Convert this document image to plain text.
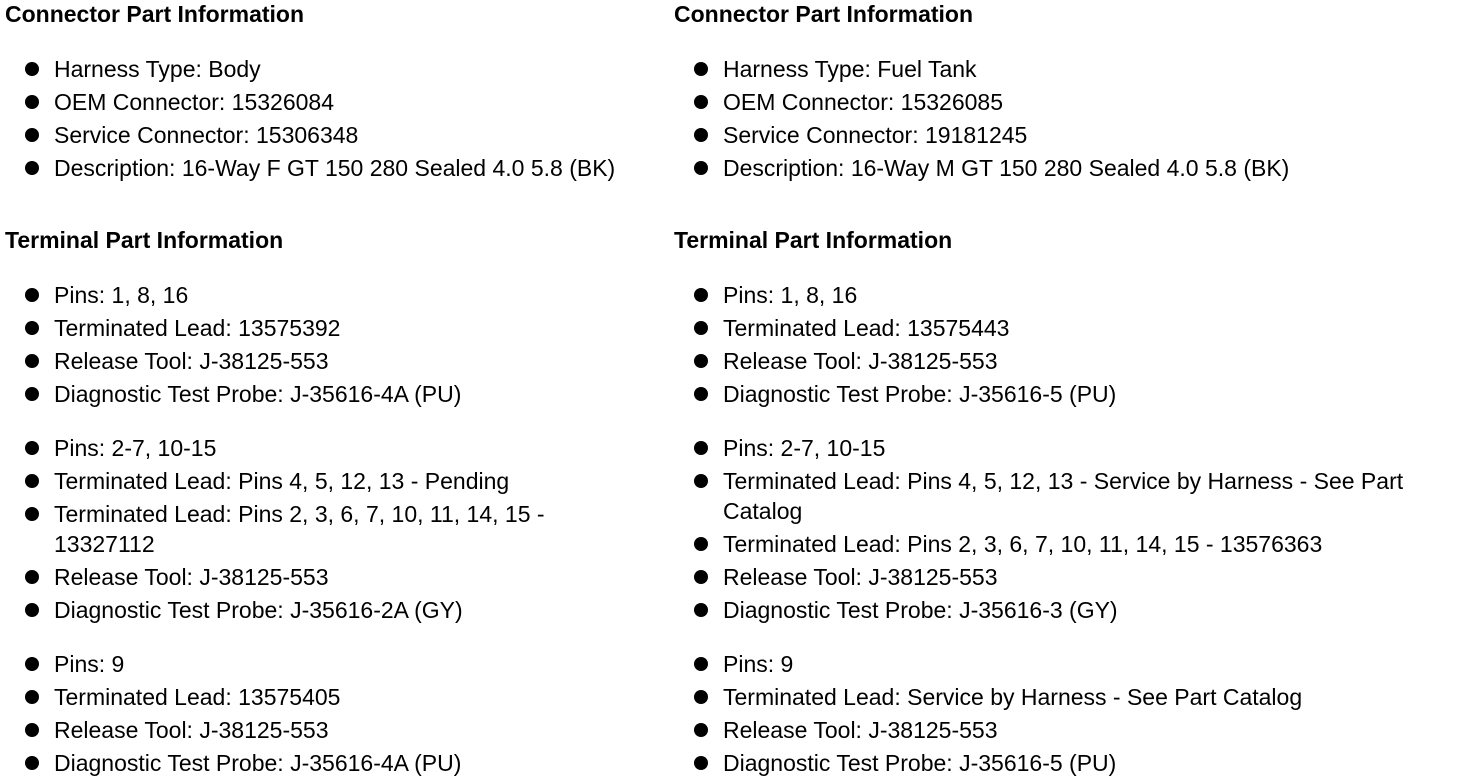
Connector Part Information
Harness Type: Body
OEM Connector: 15326084
Service Connector: 15306348
Description: 16-Way F GT 150 280 Sealed 4.0 5.8 (BK)
Terminal Part Information
Pins: 1, 8, 16
Terminated Lead: 13575392
Release Tool: J-38125-553
Diagnostic Test Probe: J-35616-4A (PU)
Pins: 2-7, 10-15
Terminated Lead: Pins 4, 5, 12, 13 - Pending
Terminated Lead: Pins 2, 3, 6, 7, 10, 11, 14, 15 - 13327112
Release Tool: J-38125-553
Diagnostic Test Probe: J-35616-2A (GY)
Pins: 9
Terminated Lead: 13575405
Release Tool: J-38125-553
Diagnostic Test Probe: J-35616-4A (PU)
Connector Part Information
Harness Type: Fuel Tank
OEM Connector: 15326085
Service Connector: 19181245
Description: 16-Way M GT 150 280 Sealed 4.0 5.8 (BK)
Terminal Part Information
Pins: 1, 8, 16
Terminated Lead: 13575443
Release Tool: J-38125-553
Diagnostic Test Probe: J-35616-5 (PU)
Pins: 2-7, 10-15
Terminated Lead: Pins 4, 5, 12, 13 - Service by Harness - See Part Catalog
Terminated Lead: Pins 2, 3, 6, 7, 10, 11, 14, 15 - 13576363
Release Tool: J-38125-553
Diagnostic Test Probe: J-35616-3 (GY)
Pins: 9
Terminated Lead: Service by Harness - See Part Catalog
Release Tool: J-38125-553
Diagnostic Test Probe: J-35616-5 (PU)
